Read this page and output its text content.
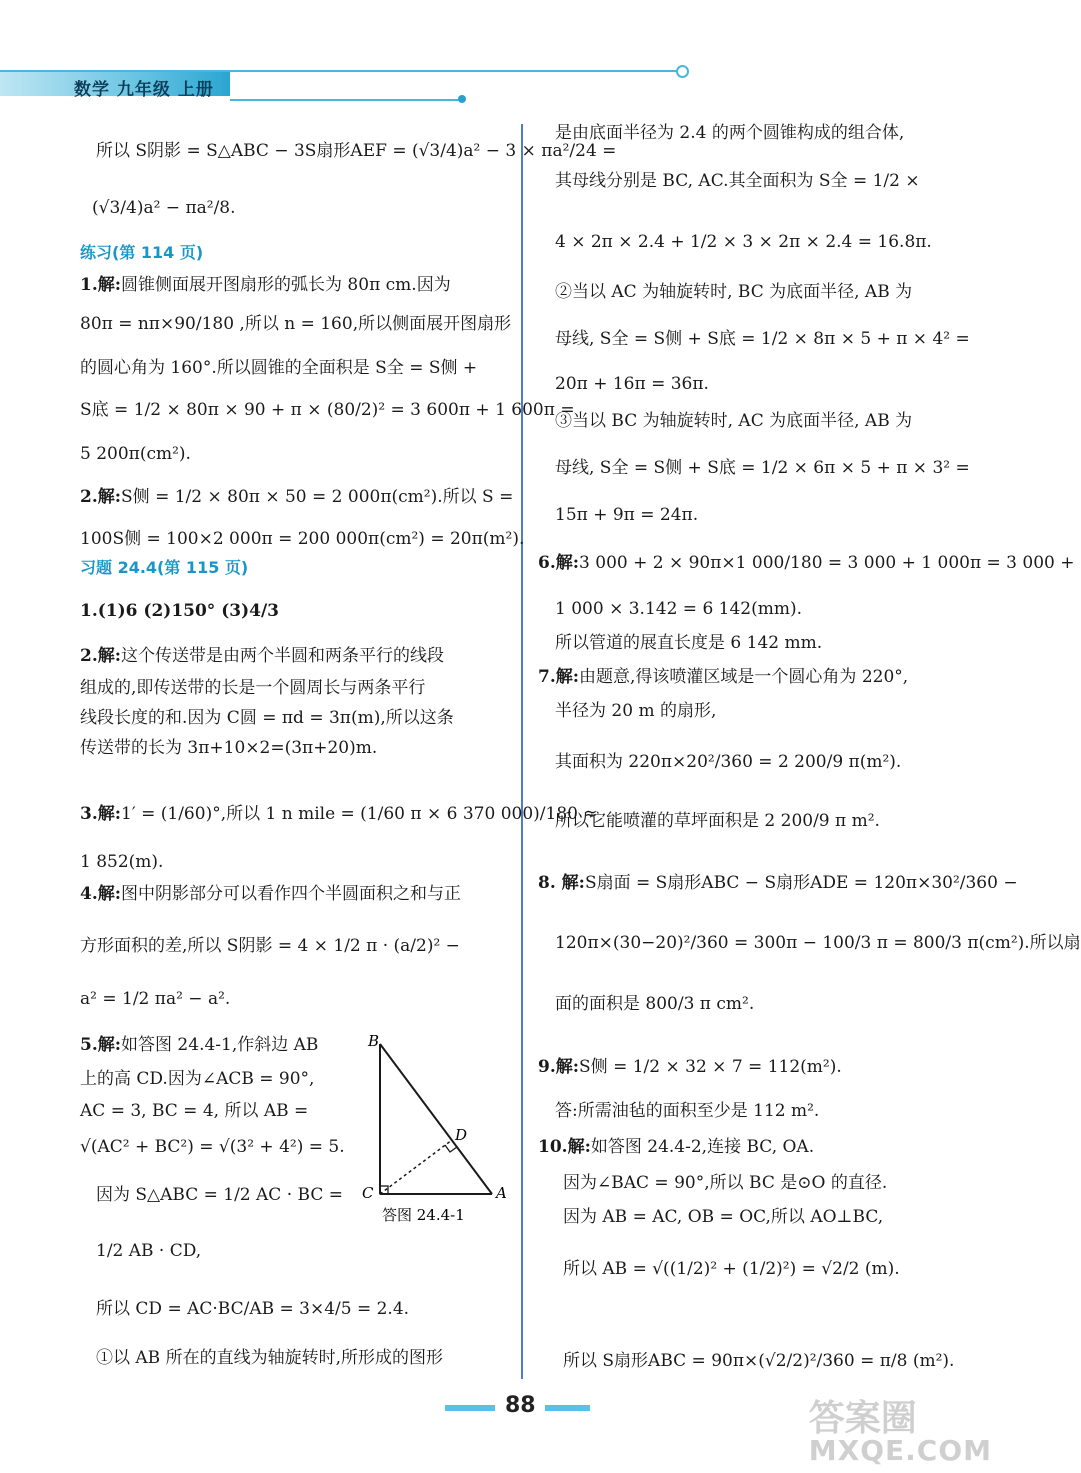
数学 九年级 上册
所以 S阴影 = S△ABC − 3S扇形AEF = (√3/4)a² − 3 × πa²/24 =
(√3/4)a² − πa²/8.
练习(第 114 页)
1.解:圆锥侧面展开图扇形的弧长为 80π cm.因为
80π = nπ×90/180 ,所以 n = 160,所以侧面展开图扇形
的圆心角为 160°.所以圆锥的全面积是 S全 = S侧 +
S底 = 1/2 × 80π × 90 + π × (80/2)² = 3 600π + 1 600π =
5 200π(cm²).
2.解:S侧 = 1/2 × 80π × 50 = 2 000π(cm²).所以 S =
100S侧 = 100×2 000π = 200 000π(cm²) = 20π(m²).
习题 24.4(第 115 页)
1.(1)6 (2)150° (3)4/3
2.解:这个传送带是由两个半圆和两条平行的线段
组成的,即传送带的长是一个圆周长与两条平行
线段长度的和.因为 C圆 = πd = 3π(m),所以这条
传送带的长为 3π+10×2=(3π+20)m.
3.解:1′ = (1/60)°,所以 1 n mile = (1/60 π × 6 370 000)/180 ≈
1 852(m).
4.解:图中阴影部分可以看作四个半圆面积之和与正
方形面积的差,所以 S阴影 = 4 × 1/2 π · (a/2)² −
a² = 1/2 πa² − a².
5.解:如答图 24.4-1,作斜边 AB
上的高 CD.因为∠ACB = 90°,
AC = 3, BC = 4, 所以 AB =
√(AC² + BC²) = √(3² + 4²) = 5.
因为 S△ABC = 1/2 AC · BC =
1/2 AB · CD,
所以 CD = AC·BC/AB = 3×4/5 = 2.4.
①以 AB 所在的直线为轴旋转时,所形成的图形
B
C	A
D
答图 24.4-1
是由底面半径为 2.4 的两个圆锥构成的组合体,
其母线分别是 BC, AC.其全面积为 S全 = 1/2 ×
4 × 2π × 2.4 + 1/2 × 3 × 2π × 2.4 = 16.8π.
②当以 AC 为轴旋转时, BC 为底面半径, AB 为
母线, S全 = S侧 + S底 = 1/2 × 8π × 5 + π × 4² =
20π + 16π = 36π.
③当以 BC 为轴旋转时, AC 为底面半径, AB 为
母线, S全 = S侧 + S底 = 1/2 × 6π × 5 + π × 3² =
15π + 9π = 24π.
6.解:3 000 + 2 × 90π×1 000/180 = 3 000 + 1 000π = 3 000 +
1 000 × 3.142 = 6 142(mm).
所以管道的展直长度是 6 142 mm.
7.解:由题意,得该喷灌区域是一个圆心角为 220°,
半径为 20 m 的扇形,
其面积为 220π×20²/360 = 2 200/9 π(m²).
所以它能喷灌的草坪面积是 2 200/9 π m².
8. 解:S扇面 = S扇形ABC − S扇形ADE = 120π×30²/360 −
120π×(30−20)²/360 = 300π − 100/3 π = 800/3 π(cm²).所以扇
面的面积是 800/3 π cm².
9.解:S侧 = 1/2 × 32 × 7 = 112(m²).
答:所需油毡的面积至少是 112 m².
10.解:如答图 24.4-2,连接 BC, OA.
因为∠BAC = 90°,所以 BC 是⊙O 的直径.
因为 AB = AC, OB = OC,所以 AO⊥BC,
所以 AB = √((1/2)² + (1/2)²) = √2/2 (m).
所以 S扇形ABC = 90π×(√2/2)²/360 = π/8 (m²).
88	答案圈
MXQE.COM
